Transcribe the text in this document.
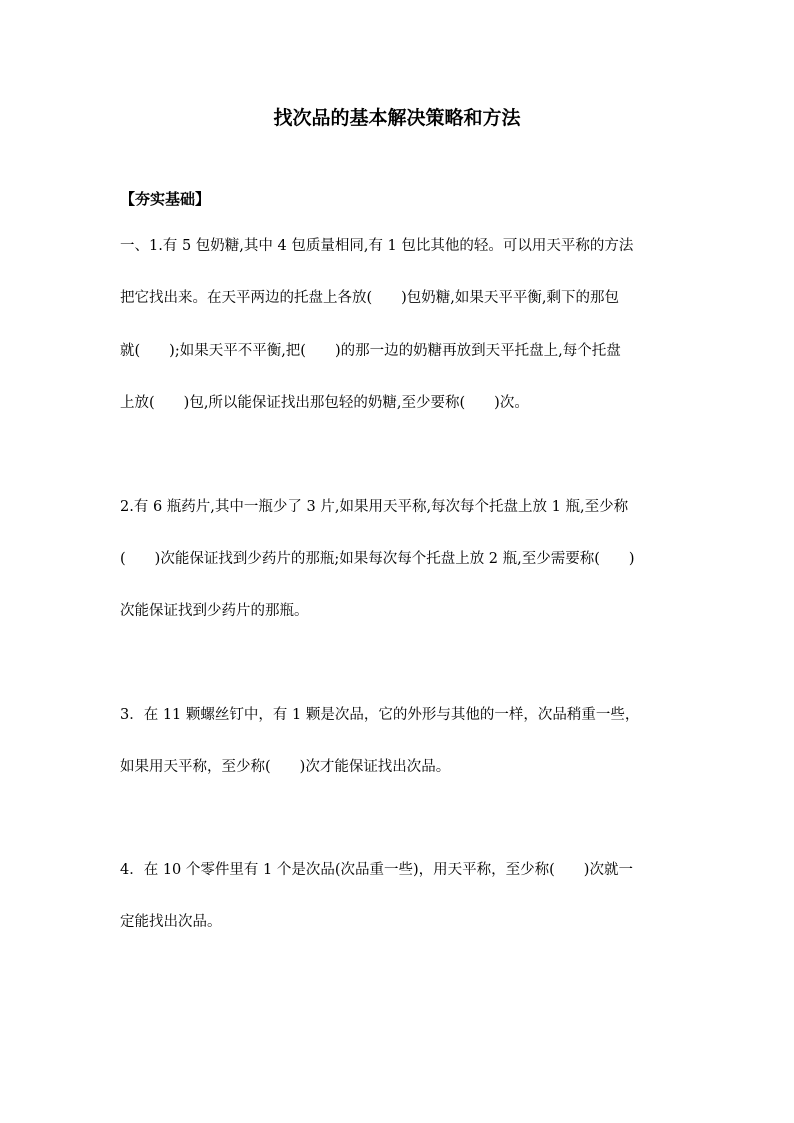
找次品的基本解决策略和方法
【夯实基础】
一、1.有 5 包奶糖,其中 4 包质量相同,有 1 包比其他的轻。可以用天平称的方法
把它找出来。在天平两边的托盘上各放(　　)包奶糖,如果天平平衡,剩下的那包
就(　　);如果天平不平衡,把(　　)的那一边的奶糖再放到天平托盘上,每个托盘
上放(　　)包,所以能保证找出那包轻的奶糖,至少要称(　　)次。
2.有 6 瓶药片,其中一瓶少了 3 片,如果用天平称,每次每个托盘上放 1 瓶,至少称
(　　)次能保证找到少药片的那瓶;如果每次每个托盘上放 2 瓶,至少需要称(　　)
次能保证找到少药片的那瓶。
3．在 11 颗螺丝钉中，有 1 颗是次品，它的外形与其他的一样，次品稍重一些，
如果用天平称，至少称(　　)次才能保证找出次品。
4．在 10 个零件里有 1 个是次品(次品重一些)，用天平称，至少称(　　)次就一
定能找出次品。
